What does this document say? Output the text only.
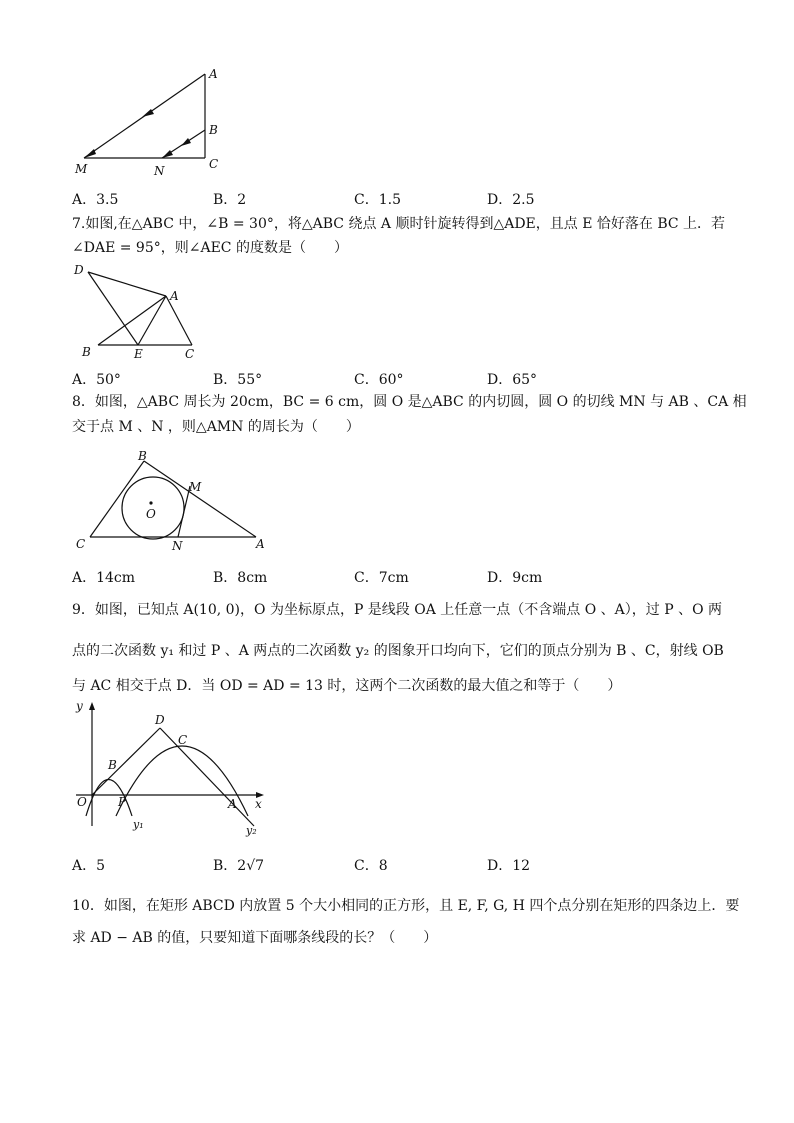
A
B
C
M	N
A．3.5	B．2	C．1.5	D．2.5
7.如图,在△ABC 中，∠B = 30°，将△ABC 绕点 A 顺时针旋转得到△ADE，且点 E 恰好落在 BC 上．若
∠DAE = 95°，则∠AEC 的度数是（　　）
D
A
B	E	C
A．50°	B．55°	C．60°	D．65°
8．如图，△ABC 周长为 20cm，BC = 6 cm，圆 O 是△ABC 的内切圆，圆 O 的切线 MN 与 AB 、CA 相
交于点 M 、N ，则△AMN 的周长为（　　）
B
M
O
C	N	A
A．14cm	B．8cm	C．7cm	D．9cm
9．如图，已知点 A(10, 0)，O 为坐标原点，P 是线段 OA 上任意一点（不含端点 O 、A），过 P 、O 两
点的二次函数 y₁ 和过 P 、A 两点的二次函数 y₂ 的图象开口均向下，它们的顶点分别为 B 、C，射线 OB
与 AC 相交于点 D．当 OD = AD = 13 时，这两个二次函数的最大值之和等于（　　）
y
x
O	P	A
B
C
D
y₁	y₂
A．5	B．2√7	C．8	D．12
10．如图，在矩形 ABCD 内放置 5 个大小相同的正方形，且 E, F, G, H 四个点分别在矩形的四条边上．要
求 AD − AB 的值，只要知道下面哪条线段的长？（　　）
